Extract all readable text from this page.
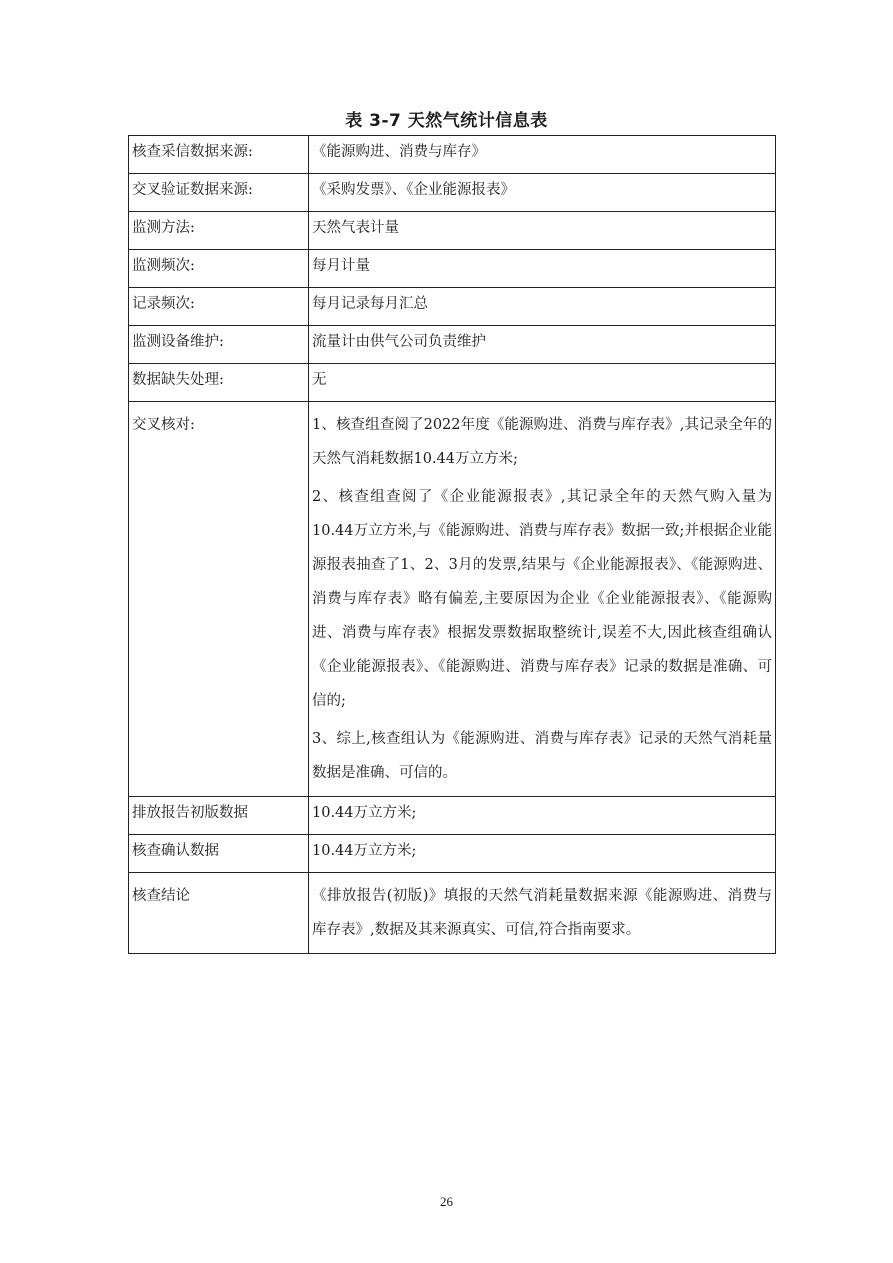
表 3-7 天然气统计信息表
核查采信数据来源:	《能源购进、消费与库存》
交叉验证数据来源:	《采购发票》、《企业能源报表》
监测方法:	天然气表计量
监测频次:	每月计量
记录频次:	每月记录每月汇总
监测设备维护:	流量计由供气公司负责维护
数据缺失处理:	无
交叉核对:	1、核查组查阅了2022年度《能源购进、消费与库存表》,其记录全年的天然气消耗数据10.44万立方米;

2、核查组查阅了《企业能源报表》,其记录全年的天然气购入量为10.44万立方米,与《能源购进、消费与库存表》数据一致;并根据企业能源报表抽查了1、2、3月的发票,结果与《企业能源报表》、《能源购进、消费与库存表》略有偏差,主要原因为企业《企业能源报表》、《能源购进、消费与库存表》根据发票数据取整统计,误差不大,因此核查组确认《企业能源报表》、《能源购进、消费与库存表》记录的数据是准确、可信的;

3、综上,核查组认为《能源购进、消费与库存表》记录的天然气消耗量数据是准确、可信的。

排放报告初版数据	10.44万立方米;
核查确认数据	10.44万立方米;
核查结论	《排放报告(初版)》填报的天然气消耗量数据来源《能源购进、消费与库存表》,数据及其来源真实、可信,符合指南要求。

26
